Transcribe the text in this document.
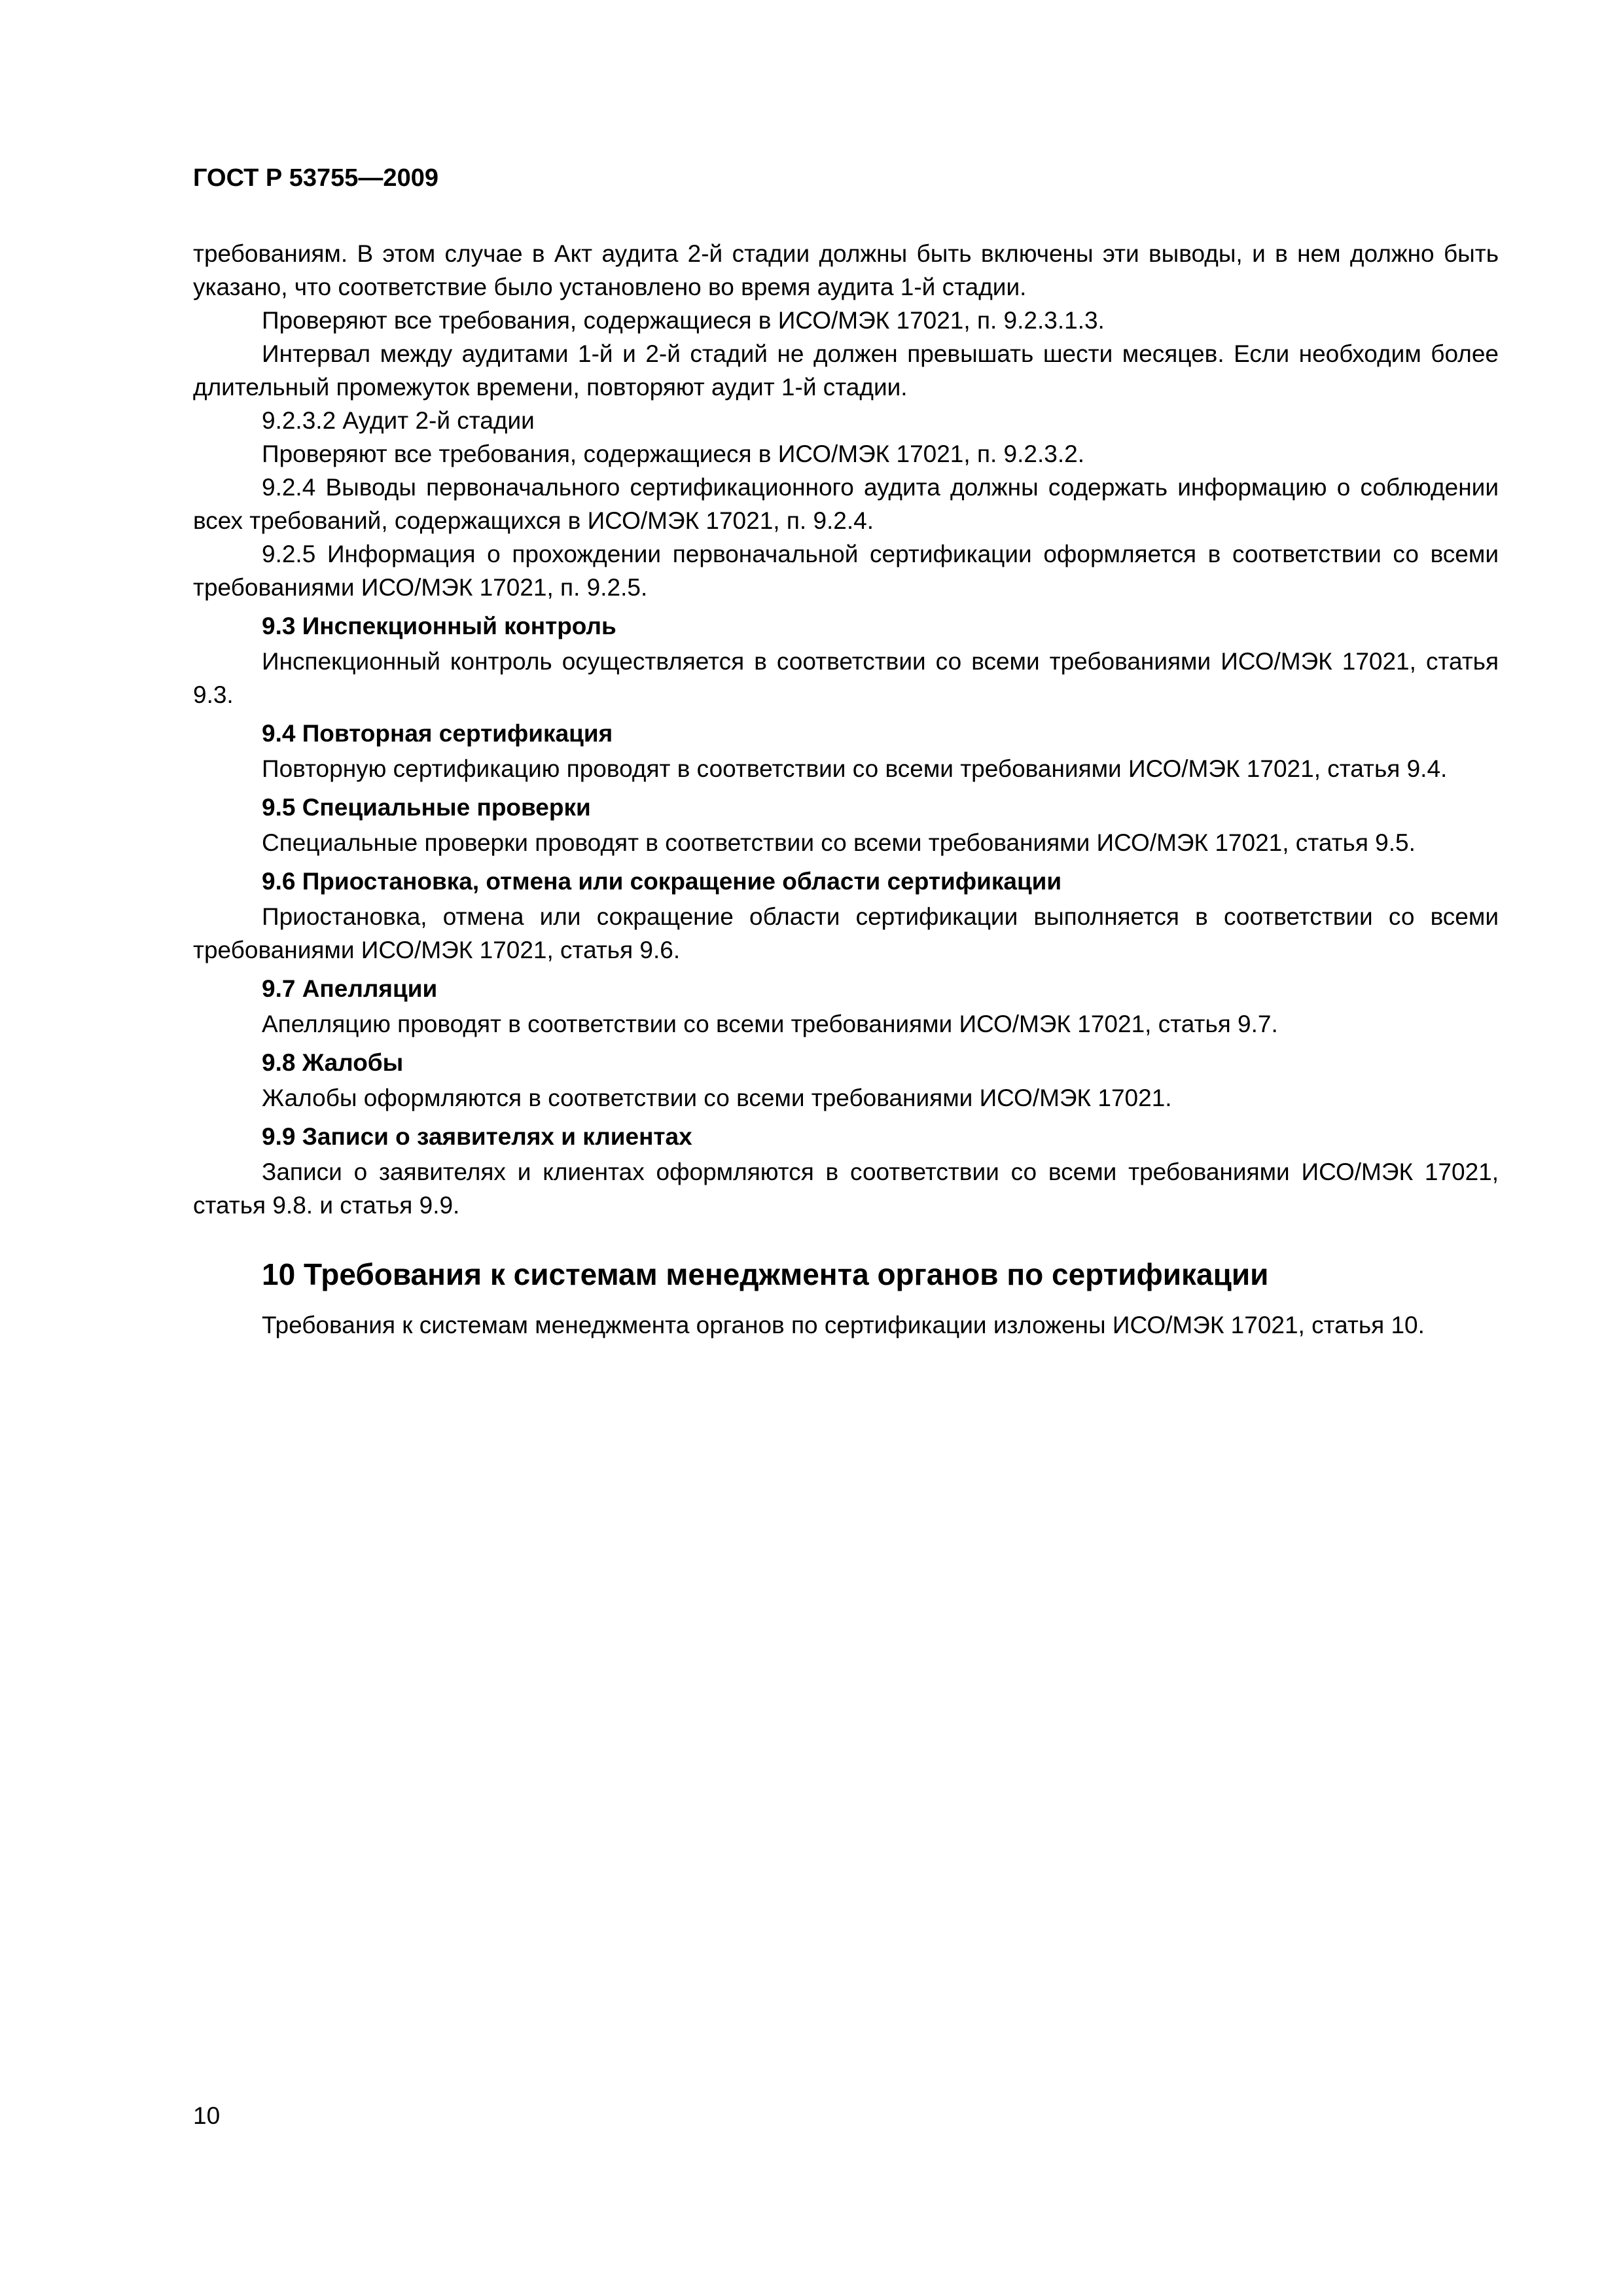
ГОСТ Р 53755—2009

требованиям. В этом случае в Акт аудита 2-й стадии должны быть включены эти выводы, и в нем должно быть указано, что соответствие было установлено во время аудита 1-й стадии.

Проверяют все требования, содержащиеся в ИСО/МЭК 17021, п. 9.2.3.1.3.

Интервал между аудитами 1-й и 2-й стадий не должен превышать шести месяцев. Если необходим более длительный промежуток времени, повторяют аудит 1-й стадии.

9.2.3.2 Аудит 2-й стадии

Проверяют все требования, содержащиеся в ИСО/МЭК 17021, п. 9.2.3.2.

9.2.4 Выводы первоначального сертификационного аудита должны содержать информацию о соблюдении всех требований, содержащихся в ИСО/МЭК 17021, п. 9.2.4.

9.2.5 Информация о прохождении первоначальной сертификации оформляется в соответствии со всеми требованиями ИСО/МЭК 17021, п. 9.2.5.

9.3 Инспекционный контроль

Инспекционный контроль осуществляется в соответствии со всеми требованиями ИСО/МЭК 17021, статья 9.3.

9.4 Повторная сертификация

Повторную сертификацию проводят в соответствии со всеми требованиями ИСО/МЭК 17021, статья 9.4.

9.5 Специальные проверки

Специальные проверки проводят в соответствии со всеми требованиями ИСО/МЭК 17021, статья 9.5.

9.6 Приостановка, отмена или сокращение области сертификации

Приостановка, отмена или сокращение области сертификации выполняется в соответствии со всеми требованиями ИСО/МЭК 17021, статья 9.6.

9.7 Апелляции

Апелляцию проводят в соответствии со всеми требованиями ИСО/МЭК 17021, статья 9.7.

9.8 Жалобы

Жалобы оформляются в соответствии со всеми требованиями ИСО/МЭК 17021.

9.9 Записи о заявителях и клиентах

Записи о заявителях и клиентах оформляются в соответствии со всеми требованиями ИСО/МЭК 17021, статья 9.8. и статья 9.9.

10 Требования к системам менеджмента органов по сертификации

Требования к системам менеджмента органов по сертификации изложены ИСО/МЭК 17021, статья 10.

10
